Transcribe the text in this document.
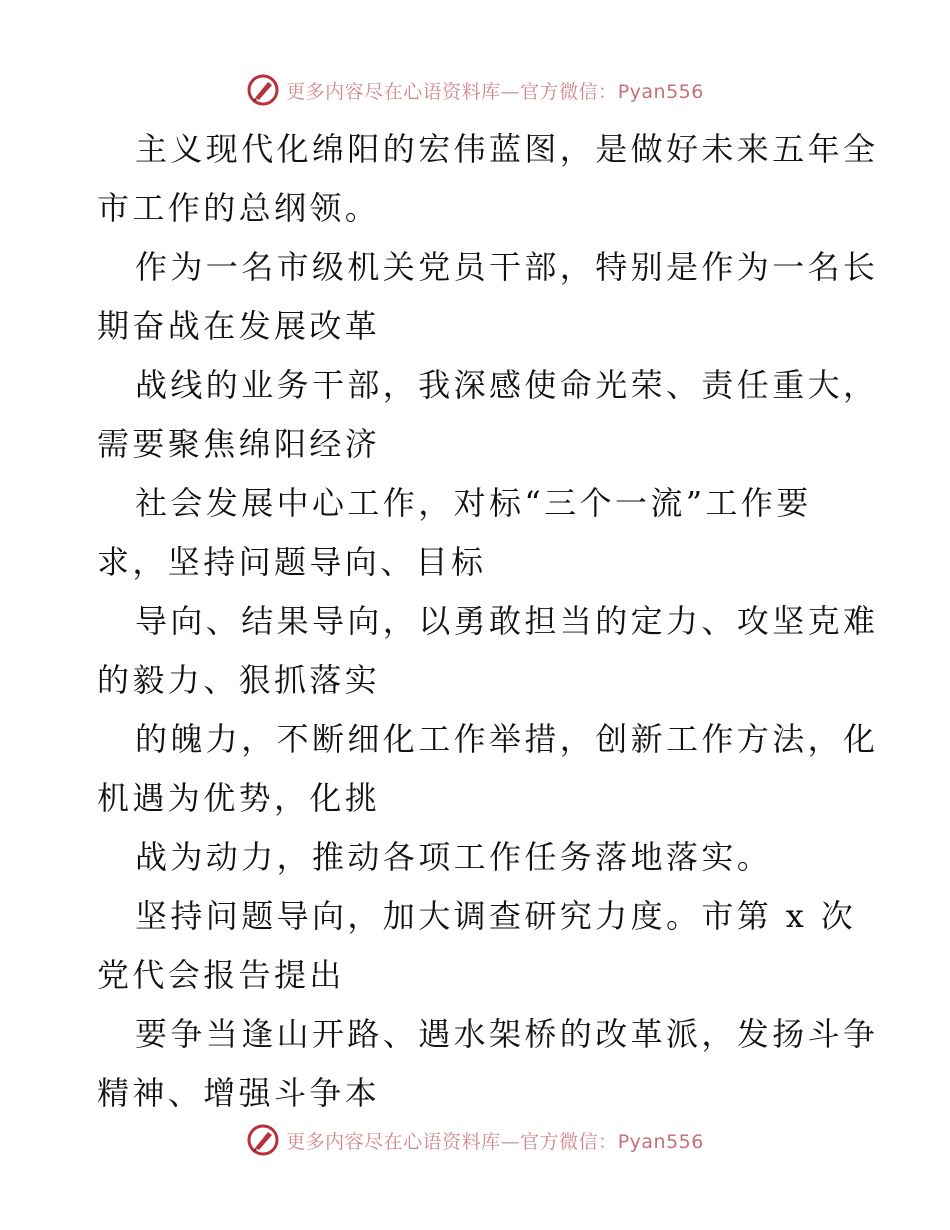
更多内容尽在心语资料库—官方微信：Pyan556

主义现代化绵阳的宏伟蓝图，是做好未来五年全
市工作的总纲领。

作为一名市级机关党员干部，特别是作为一名长
期奋战在发展改革

战线的业务干部，我深感使命光荣、责任重大，
需要聚焦绵阳经济

社会发展中心工作，对标“三个一流”工作要
求，坚持问题导向、目标

导向、结果导向，以勇敢担当的定力、攻坚克难
的毅力、狠抓落实

的魄力，不断细化工作举措，创新工作方法，化
机遇为优势，化挑

战为动力，推动各项工作任务落地落实。

坚持问题导向，加大调查研究力度。市第 x 次
党代会报告提出

要争当逢山开路、遇水架桥的改革派，发扬斗争
精神、增强斗争本

更多内容尽在心语资料库—官方微信：Pyan556
